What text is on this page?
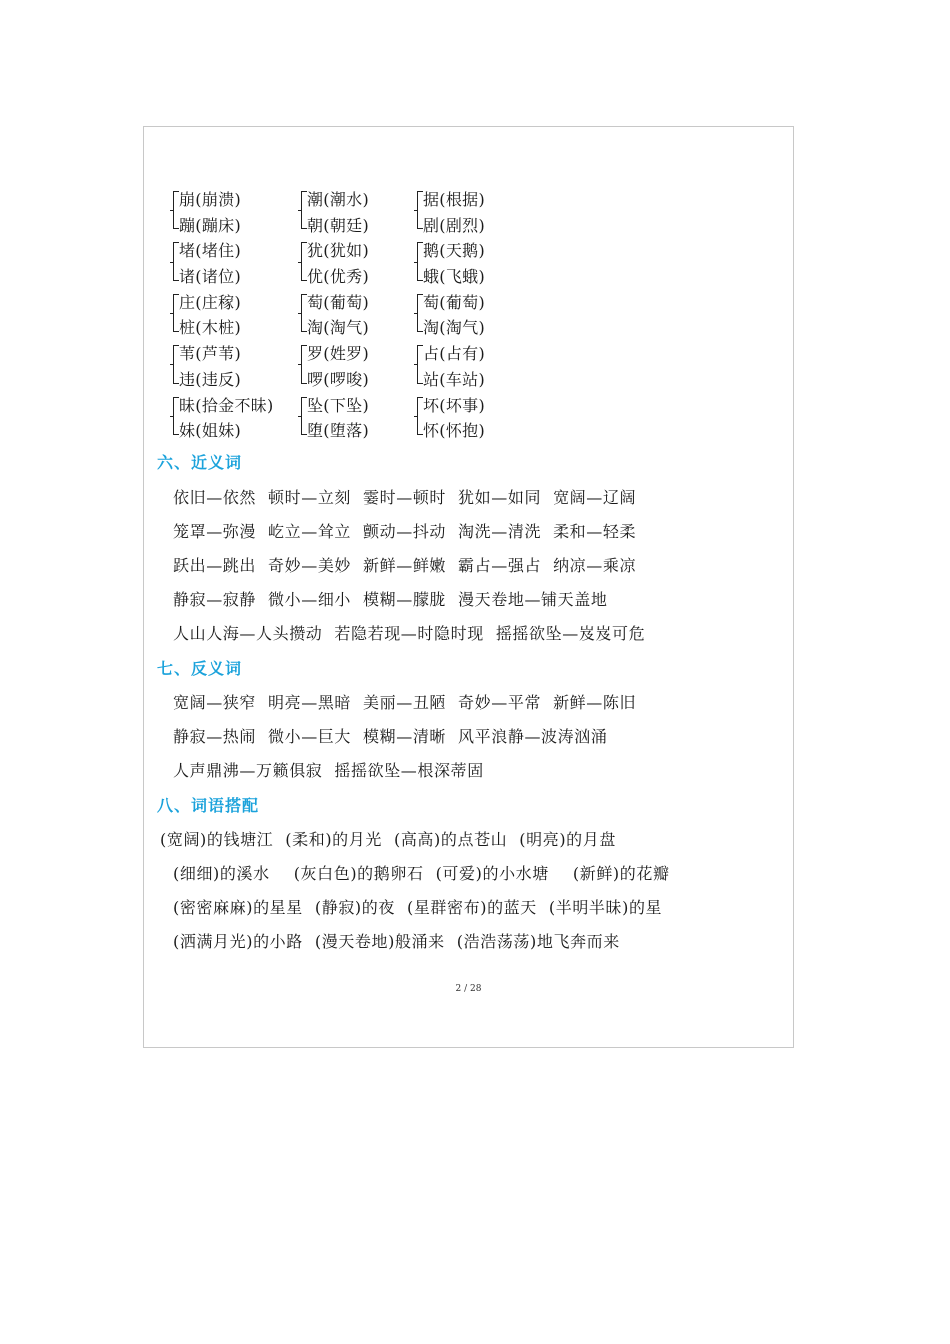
崩(崩溃)
蹦(蹦床)
堵(堵住)
诸(诸位)
庄(庄稼)
桩(木桩)
苇(芦苇)
违(违反)
昧(拾金不昧)
妹(姐妹)
潮(潮水)
朝(朝廷)
犹(犹如)
优(优秀)
萄(葡萄)
淘(淘气)
罗(姓罗)
啰(啰唆)
坠(下坠)
堕(堕落)
据(根据)
剧(剧烈)
鹅(天鹅)
蛾(飞蛾)
萄(葡萄)
淘(淘气)
占(占有)
站(车站)
坏(坏事)
怀(怀抱)
六、近义词
依旧—依然 顿时—立刻 霎时—顿时 犹如—如同 宽阔—辽阔
笼罩—弥漫 屹立—耸立 颤动—抖动 淘洗—清洗 柔和—轻柔
跃出—跳出 奇妙—美妙 新鲜—鲜嫩 霸占—强占 纳凉—乘凉
静寂—寂静 微小—细小 模糊—朦胧 漫天卷地—铺天盖地
人山人海—人头攒动 若隐若现—时隐时现 摇摇欲坠—岌岌可危
七、反义词
宽阔—狭窄 明亮—黑暗 美丽—丑陋 奇妙—平常 新鲜—陈旧
静寂—热闹 微小—巨大 模糊—清晰 风平浪静—波涛汹涌
人声鼎沸—万籁俱寂 摇摇欲坠—根深蒂固
八、词语搭配
(宽阔)的钱塘江 (柔和)的月光 (高高)的点苍山 (明亮)的月盘
(细细)的溪水 (灰白色)的鹅卵石 (可爱)的小水塘 (新鲜)的花瓣
(密密麻麻)的星星 (静寂)的夜 (星群密布)的蓝天 (半明半昧)的星
(洒满月光)的小路 (漫天卷地)般涌来 (浩浩荡荡)地飞奔而来
2 / 28
